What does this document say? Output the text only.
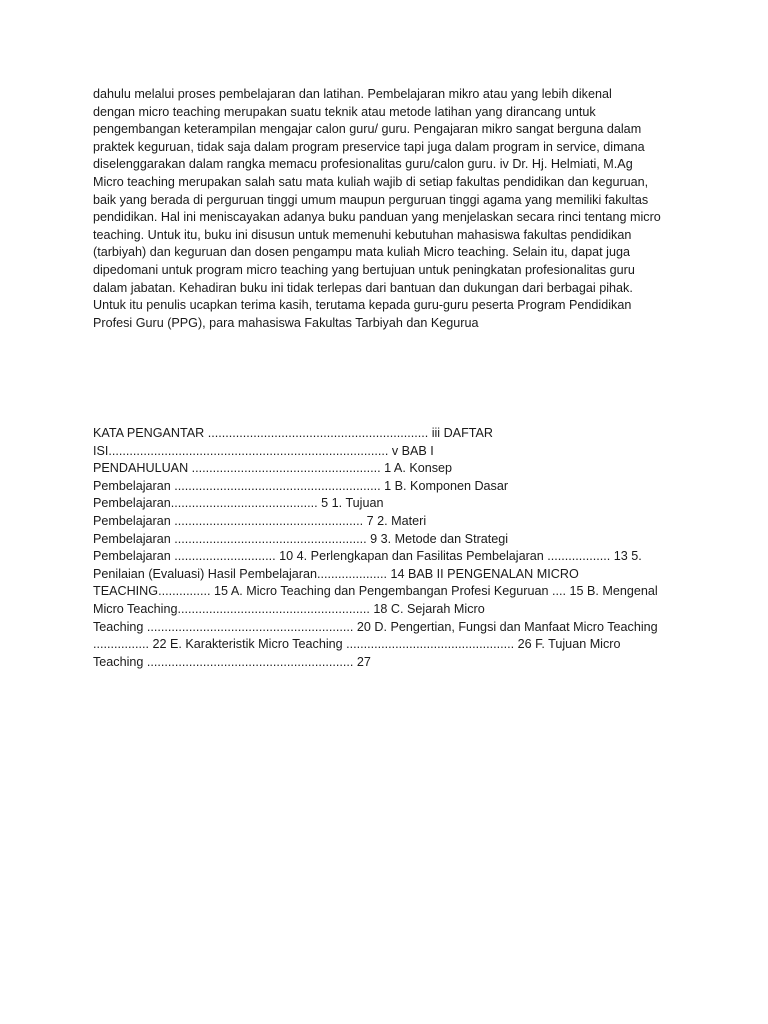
dahulu melalui proses pembelajaran dan latihan. Pembelajaran mikro atau yang lebih dikenal
dengan micro teaching merupakan suatu teknik atau metode latihan yang dirancang untuk
pengembangan keterampilan mengajar calon guru/ guru. Pengajaran mikro sangat berguna dalam
praktek keguruan, tidak saja dalam program preservice tapi juga dalam program in service, dimana
diselenggarakan dalam rangka memacu profesionalitas guru/calon guru. iv Dr. Hj. Helmiati, M.Ag
Micro teaching merupakan salah satu mata kuliah wajib di setiap fakultas pendidikan dan keguruan,
baik yang berada di perguruan tinggi umum maupun perguruan tinggi agama yang memiliki fakultas
pendidikan. Hal ini meniscayakan adanya buku panduan yang menjelaskan secara rinci tentang micro
teaching. Untuk itu, buku ini disusun untuk memenuhi kebutuhan mahasiswa fakultas pendidikan
(tarbiyah) dan keguruan dan dosen pengampu mata kuliah Micro teaching. Selain itu, dapat juga
dipedomani untuk program micro teaching yang bertujuan untuk peningkatan profesionalitas guru
dalam jabatan. Kehadiran buku ini tidak terlepas dari bantuan dan dukungan dari berbagai pihak.
Untuk itu penulis ucapkan terima kasih, terutama kepada guru-guru peserta Program Pendidikan
Profesi Guru (PPG), para mahasiswa Fakultas Tarbiyah dan Kegurua
KATA PENGANTAR ............................................................... iii DAFTAR
ISI................................................................................ v BAB I
PENDAHULUAN ...................................................... 1 A. Konsep
Pembelajaran ........................................................... 1 B. Komponen Dasar
Pembelajaran.......................................... 5 1. Tujuan
Pembelajaran ...................................................... 7 2. Materi
Pembelajaran ....................................................... 9 3. Metode dan Strategi
Pembelajaran ............................. 10 4. Perlengkapan dan Fasilitas Pembelajaran .................. 13 5.
Penilaian (Evaluasi) Hasil Pembelajaran.................... 14 BAB II PENGENALAN MICRO
TEACHING............... 15 A. Micro Teaching dan Pengembangan Profesi Keguruan .... 15 B. Mengenal
Micro Teaching....................................................... 18 C. Sejarah Micro
Teaching ........................................................... 20 D. Pengertian, Fungsi dan Manfaat Micro Teaching
................ 22 E. Karakteristik Micro Teaching ................................................ 26 F. Tujuan Micro
Teaching ........................................................... 27
